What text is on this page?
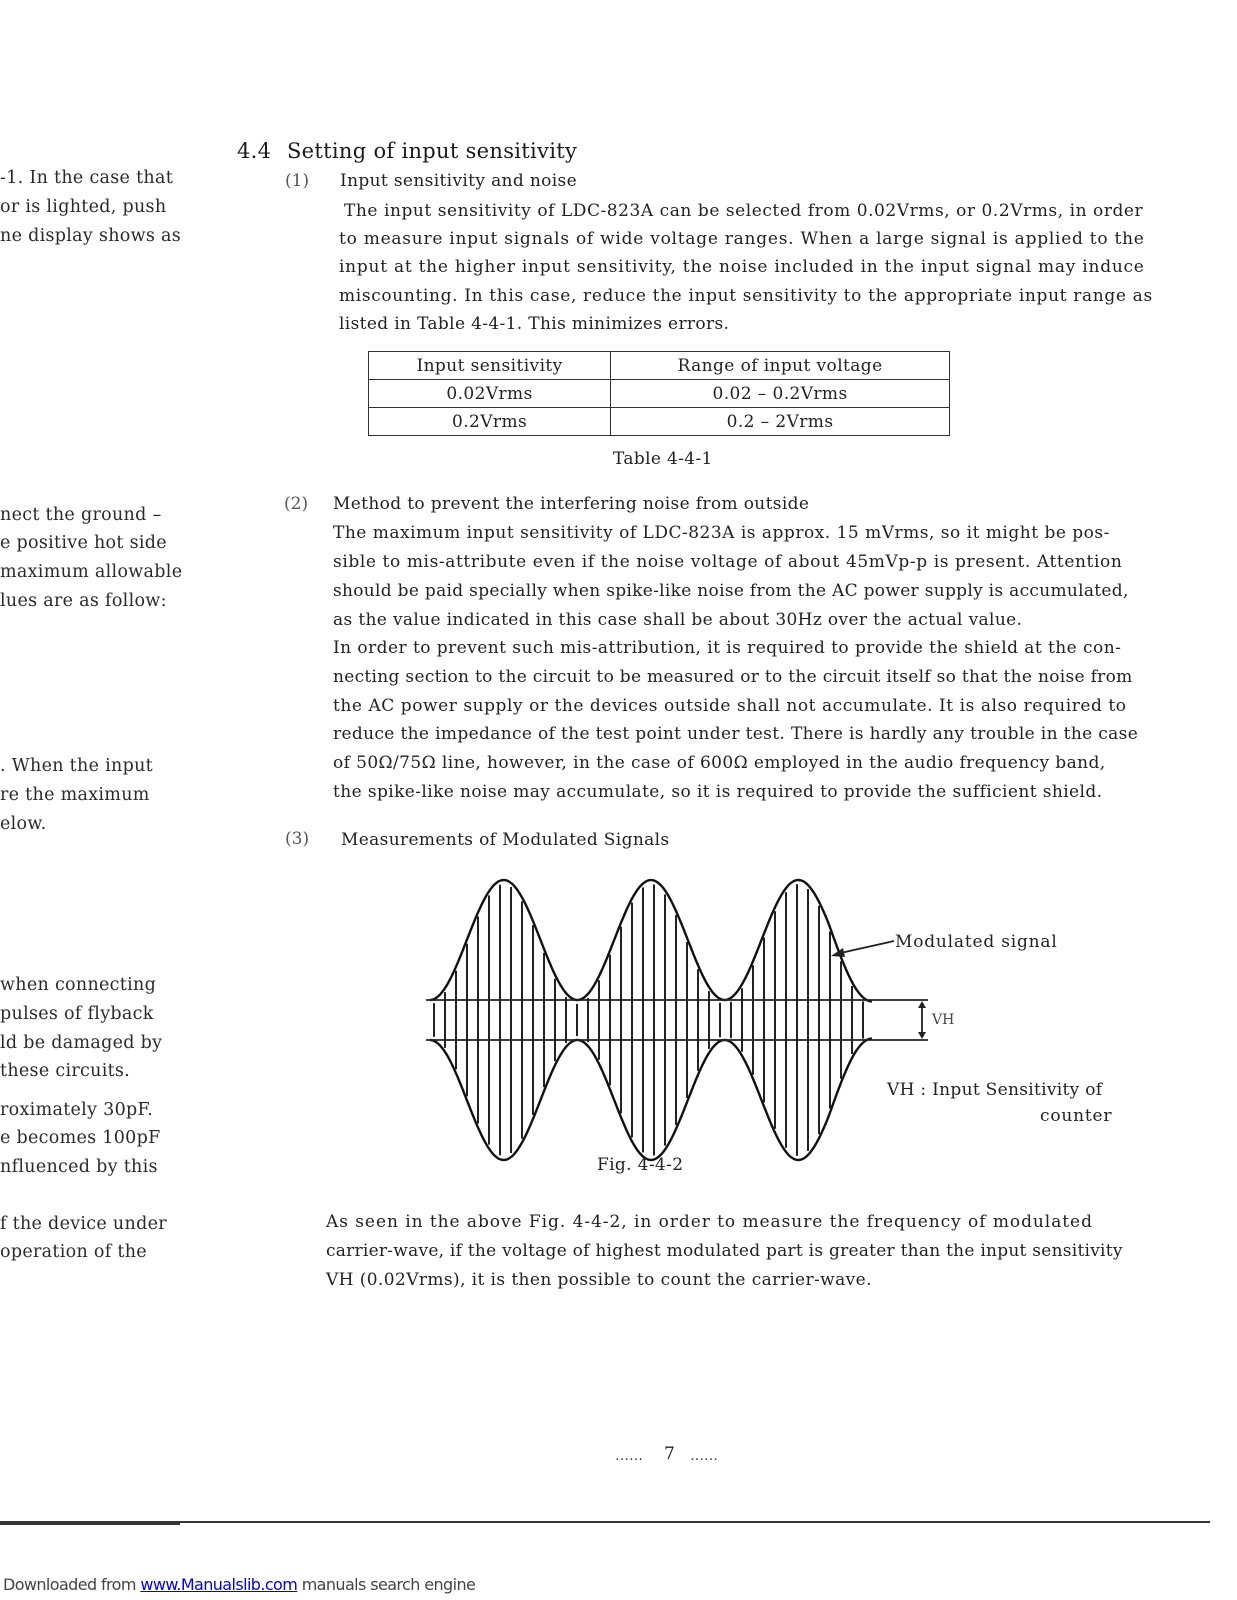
-1. In the case that
or is lighted, push
ne display shows as
nect the ground –
e positive hot side
maximum allowable
lues are as follow:
. When the input
re the maximum
elow.
when connecting
pulses of flyback
ld be damaged by
these circuits.
roximately 30pF.
e becomes 100pF
nfluenced by this
f the device under
operation of the
4.4 Setting of input sensitivity
(1) Input sensitivity and noise
The input sensitivity of LDC-823A can be selected from 0.02Vrms, or 0.2Vrms, in order
to measure input signals of wide voltage ranges. When a large signal is applied to the
input at the higher input sensitivity, the noise included in the input signal may induce
miscounting. In this case, reduce the input sensitivity to the appropriate input range as
listed in Table 4-4-1. This minimizes errors.
Input sensitivity	Range of input voltage
0.02Vrms	0.02 – 0.2Vrms
0.2Vrms	0.2 – 2Vrms
Table 4-4-1
(2) Method to prevent the interfering noise from outside
The maximum input sensitivity of LDC-823A is approx. 15 mVrms, so it might be pos-
sible to mis-attribute even if the noise voltage of about 45mVp-p is present. Attention
should be paid specially when spike-like noise from the AC power supply is accumulated,
as the value indicated in this case shall be about 30Hz over the actual value.
In order to prevent such mis-attribution, it is required to provide the shield at the con-
necting section to the circuit to be measured or to the circuit itself so that the noise from
the AC power supply or the devices outside shall not accumulate. It is also required to
reduce the impedance of the test point under test. There is hardly any trouble in the case
of 50Ω/75Ω line, however, in the case of 600Ω employed in the audio frequency band,
the spike-like noise may accumulate, so it is required to provide the sufficient shield.
(3) Measurements of Modulated Signals
Modulated signal
VH
VH : Input Sensitivity of
counter
Fig. 4-4-2
As seen in the above Fig. 4-4-2, in order to measure the frequency of modulated
carrier-wave, if the voltage of highest modulated part is greater than the input sensitivity
VH (0.02Vrms), it is then possible to count the carrier-wave.
…… 7 ……
Downloaded from www.Manualslib.com manuals search engine
